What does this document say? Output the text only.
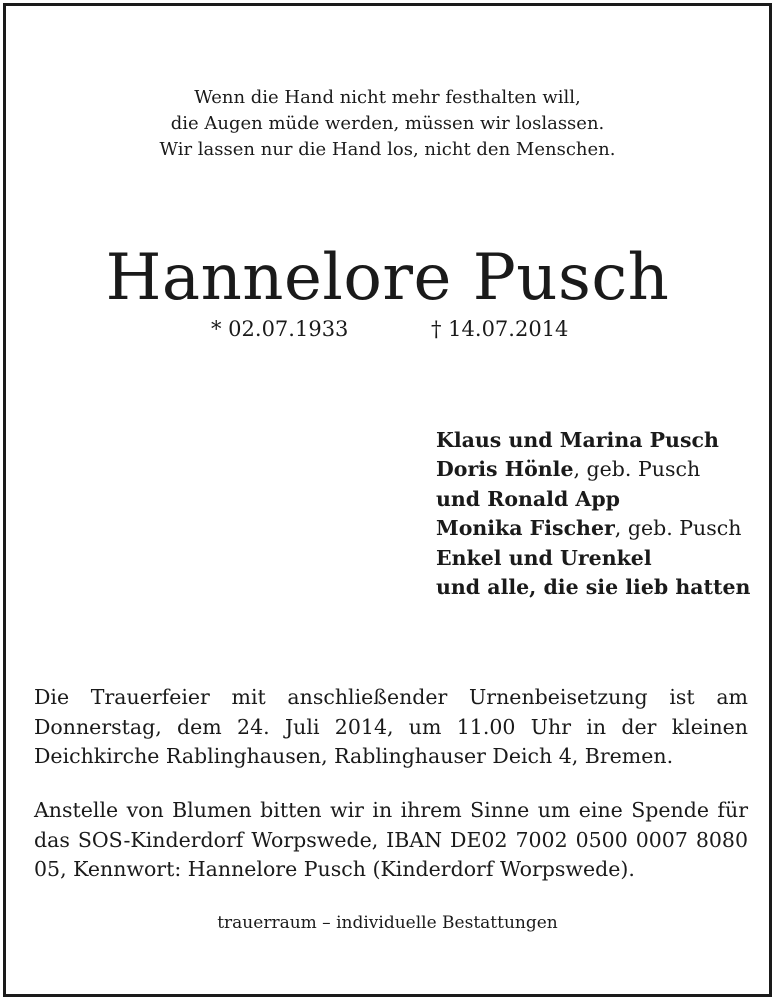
Wenn die Hand nicht mehr festhalten will,
die Augen müde werden, müssen wir loslassen.
Wir lassen nur die Hand los, nicht den Menschen.
Hannelore Pusch
* 02.07.1933	† 14.07.2014
Klaus und Marina Pusch
Doris Hönle, geb. Pusch
und Ronald App
Monika Fischer, geb. Pusch
Enkel und Urenkel
und alle, die sie lieb hatten
Die Trauerfeier mit anschließender Urnenbeisetzung ist am Donnerstag, dem 24. Juli 2014, um 11.00 Uhr in der kleinen Deichkirche Rablinghausen, Rablinghauser Deich 4, Bremen.
Anstelle von Blumen bitten wir in ihrem Sinne um eine Spende für das SOS-Kinderdorf Worpswede, IBAN DE02 7002 0500 0007 8080 05, Kennwort: Hannelore Pusch (Kinderdorf Worpswede).
trauerraum – individuelle Bestattungen
